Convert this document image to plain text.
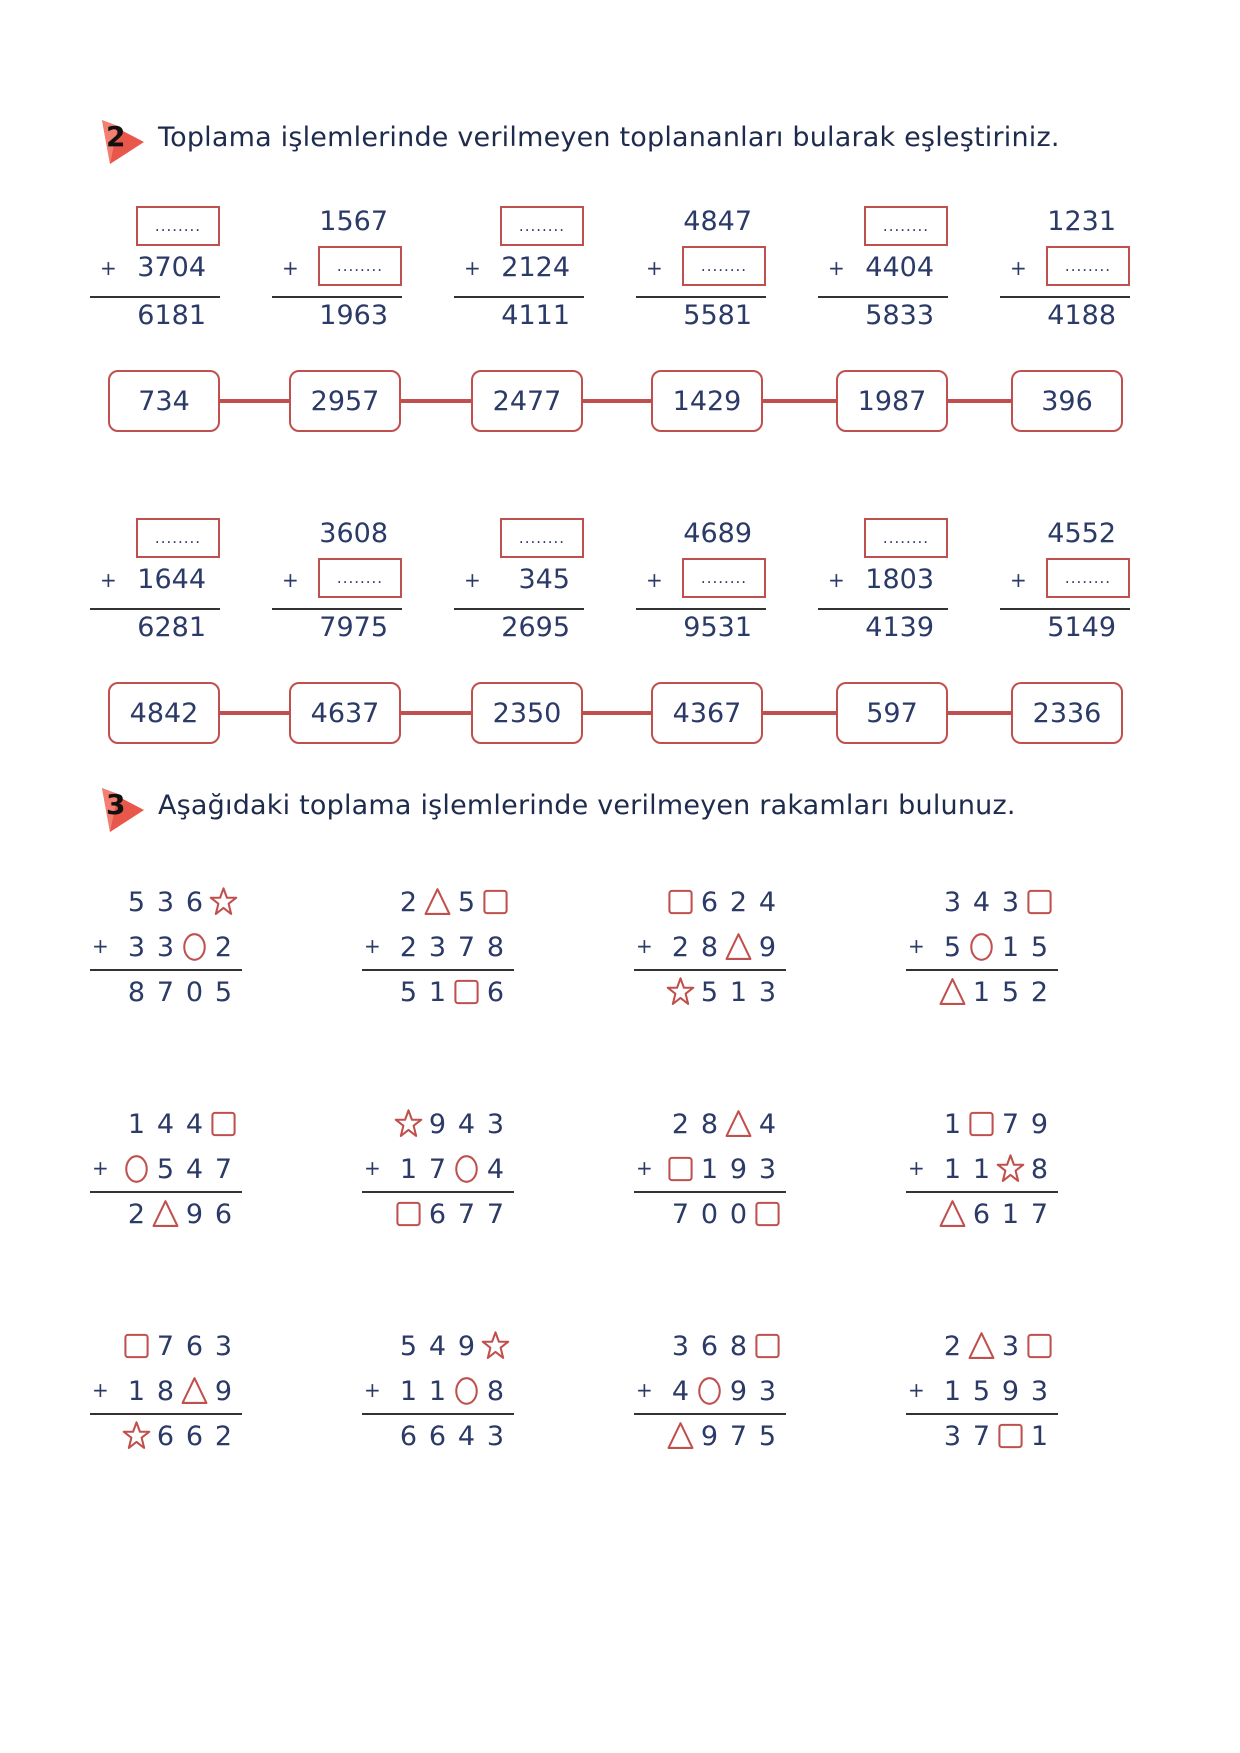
2 Toplama işlemlerinde verilmeyen toplananları bularak eşleştiriniz.
........
+ 3704
6181
1567
+	........
1963
........
+ 2124
4111
4847
+	........
5581
........
+ 4404
5833
1231
+	........
4188
734	2957	2477	1429	1987	396
........
+ 1644
6281
3608
+	........
7975
........
+ 345
2695
4689
+	........
9531
........
+ 1803
4139
4552
+	........
5149
4842	4637	2350	4367	597	2336
3 Aşağıdaki toplama işlemlerinde verilmeyen rakamları bulunuz.
5 3 6
3 3 2
8 7 0 5
+
2 5
2 3 7 8
5 1 6
+
6 2 4
2 8 9
5 1 3
+
3 4 3
5 1 5
1 5 2
+
1 4 4
5 4 7
2 9 6
+
9 4 3
1 7 4
6 7 7
+
2 8 4
1 9 3
7 0 0
+
1 7 9
1 1 8
6 1 7
+
7 6 3
1 8 9
6 6 2
+
5 4 9
1 1 8
6 6 4 3
+
3 6 8
4 9 3
9 7 5
+
2 3
1 5 9 3
3 7 1
+
